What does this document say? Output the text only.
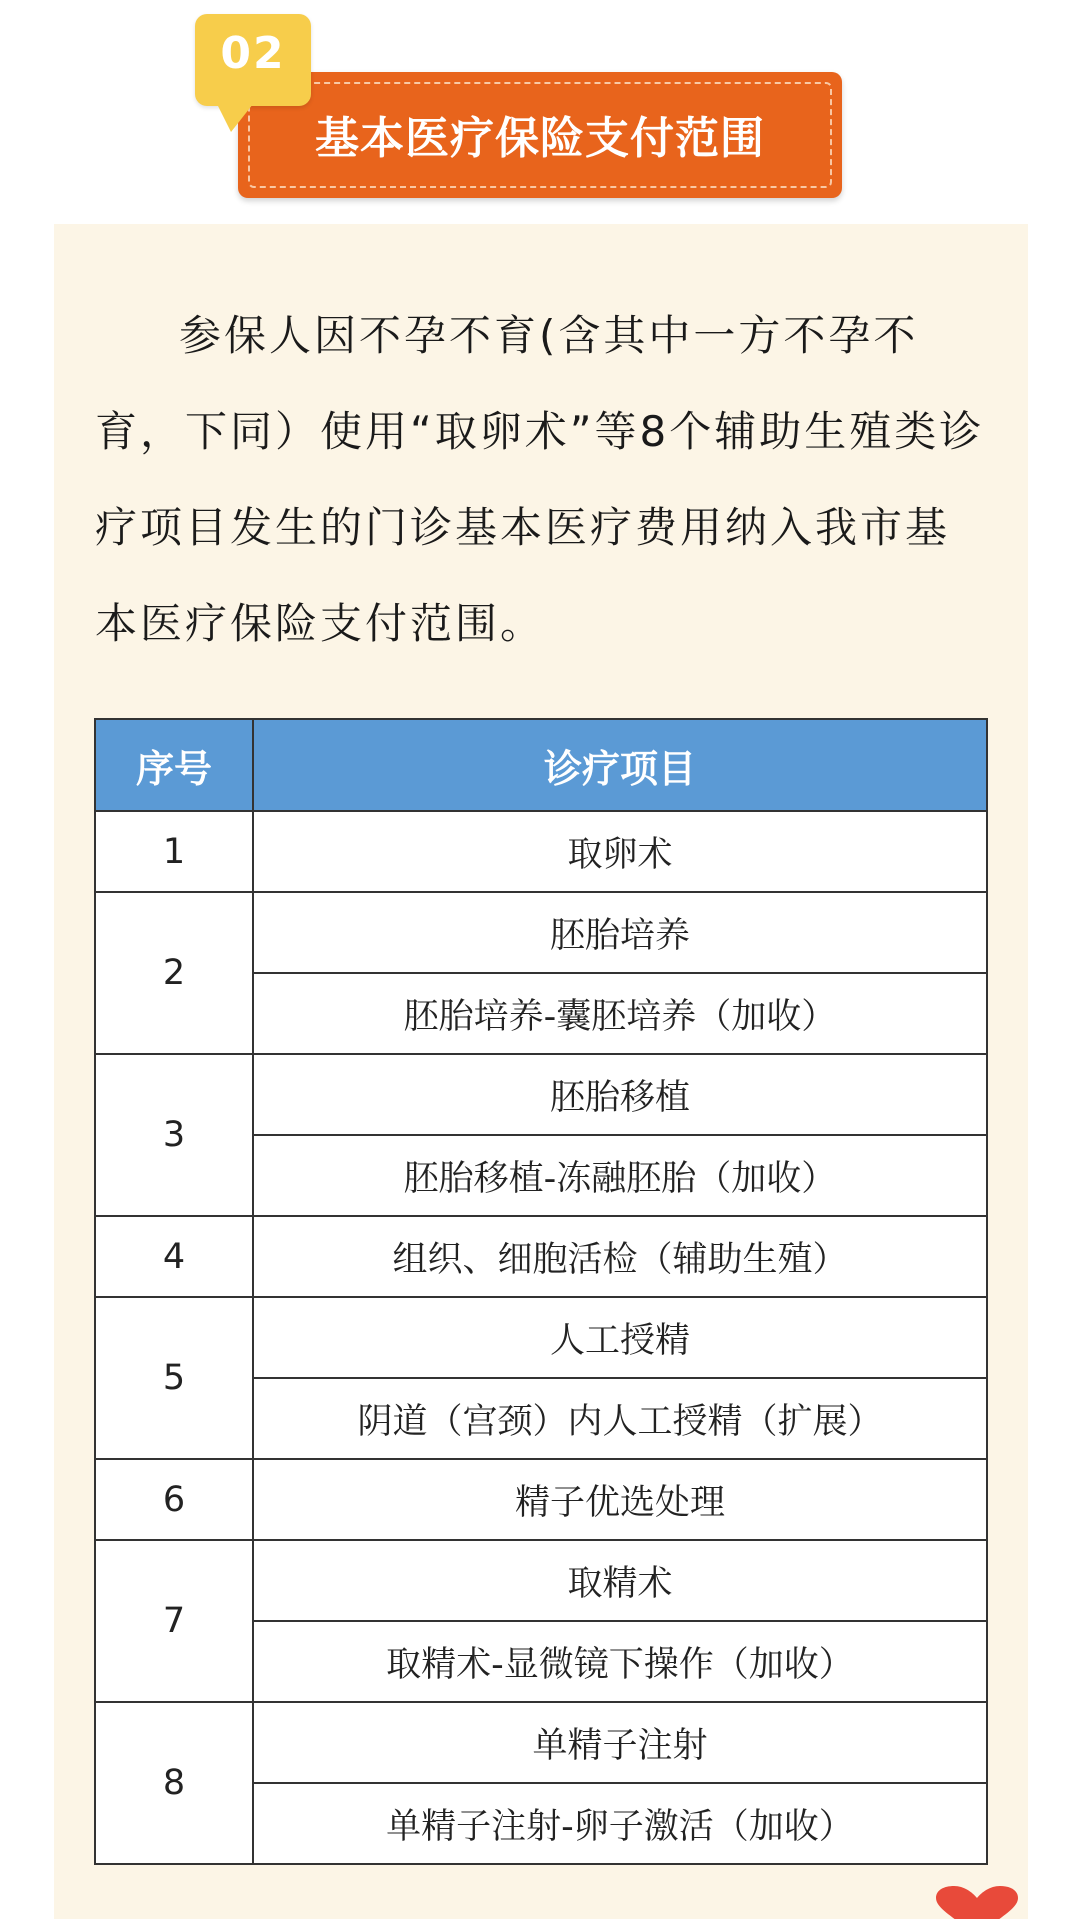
02
基本医疗保险支付范围
参保人因不孕不育(含其中一方不孕不育，下同）使用“取卵术”等8个辅助生殖类诊疗项目发生的门诊基本医疗费用纳入我市基本医疗保险支付范围。
序号	诊疗项目
1	取卵术
2	胚胎培养
	胚胎培养-囊胚培养（加收）
3	胚胎移植
	胚胎移植-冻融胚胎（加收）
4	组织、细胞活检（辅助生殖）
5	人工授精
	阴道（宫颈）内人工授精（扩展）
6	精子优选处理
7	取精术
	取精术-显微镜下操作（加收）
8	单精子注射
	单精子注射-卵子激活（加收）
